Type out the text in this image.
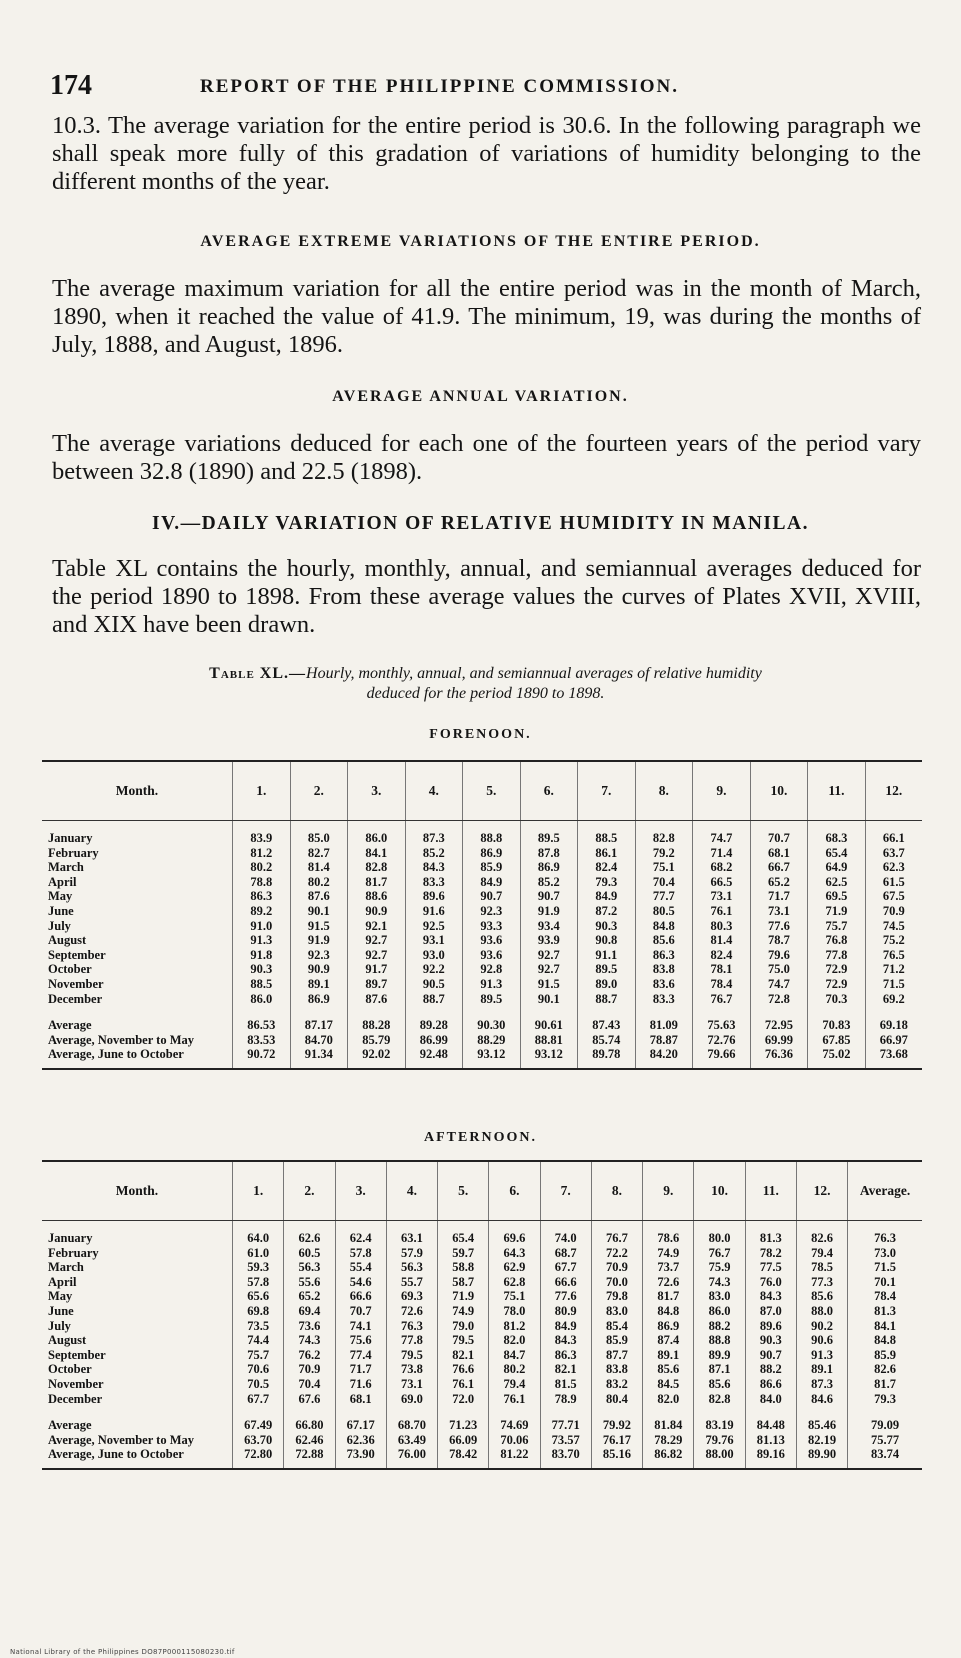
174	REPORT OF THE PHILIPPINE COMMISSION.

10.3. The average variation for the entire period is 30.6. In the following paragraph we shall speak more fully of this gradation of variations of humidity belonging to the different months of the year.

AVERAGE EXTREME VARIATIONS OF THE ENTIRE PERIOD.

The average maximum variation for all the entire period was in the month of March, 1890, when it reached the value of 41.9. The minimum, 19, was during the months of July, 1888, and August, 1896.

AVERAGE ANNUAL VARIATION.

The average variations deduced for each one of the fourteen years of the period vary between 32.8 (1890) and 22.5 (1898).

IV.—DAILY VARIATION OF RELATIVE HUMIDITY IN MANILA.

Table XL contains the hourly, monthly, annual, and semiannual averages deduced for the period 1890 to 1898. From these average values the curves of Plates XVII, XVIII, and XIX have been drawn.

Table XL.—Hourly, monthly, annual, and semiannual averages of relative humidity
deduced for the period 1890 to 1898.
FORENOON.
Month.	1.	2.	3.	4.	5.	6.	7.	8.	9.	10.	11.	12.
January	83.9	85.0	86.0	87.3	88.8	89.5	88.5	82.8	74.7	70.7	68.3	66.1
February	81.2	82.7	84.1	85.2	86.9	87.8	86.1	79.2	71.4	68.1	65.4	63.7
March	80.2	81.4	82.8	84.3	85.9	86.9	82.4	75.1	68.2	66.7	64.9	62.3
April	78.8	80.2	81.7	83.3	84.9	85.2	79.3	70.4	66.5	65.2	62.5	61.5
May	86.3	87.6	88.6	89.6	90.7	90.7	84.9	77.7	73.1	71.7	69.5	67.5
June	89.2	90.1	90.9	91.6	92.3	91.9	87.2	80.5	76.1	73.1	71.9	70.9
July	91.0	91.5	92.1	92.5	93.3	93.4	90.3	84.8	80.3	77.6	75.7	74.5
August	91.3	91.9	92.7	93.1	93.6	93.9	90.8	85.6	81.4	78.7	76.8	75.2
September	91.8	92.3	92.7	93.0	93.6	92.7	91.1	86.3	82.4	79.6	77.8	76.5
October	90.3	90.9	91.7	92.2	92.8	92.7	89.5	83.8	78.1	75.0	72.9	71.2
November	88.5	89.1	89.7	90.5	91.3	91.5	89.0	83.6	78.4	74.7	72.9	71.5
December	86.0	86.9	87.6	88.7	89.5	90.1	88.7	83.3	76.7	72.8	70.3	69.2
Average	86.53	87.17	88.28	89.28	90.30	90.61	87.43	81.09	75.63	72.95	70.83	69.18
Average, November to May	83.53	84.70	85.79	86.99	88.29	88.81	85.74	78.87	72.76	69.99	67.85	66.97
Average, June to October	90.72	91.34	92.02	92.48	93.12	93.12	89.78	84.20	79.66	76.36	75.02	73.68
AFTERNOON.
Month.	1.	2.	3.	4.	5.	6.	7.	8.	9.	10.	11.	12.	Average.
January	64.0	62.6	62.4	63.1	65.4	69.6	74.0	76.7	78.6	80.0	81.3	82.6	76.3
February	61.0	60.5	57.8	57.9	59.7	64.3	68.7	72.2	74.9	76.7	78.2	79.4	73.0
March	59.3	56.3	55.4	56.3	58.8	62.9	67.7	70.9	73.7	75.9	77.5	78.5	71.5
April	57.8	55.6	54.6	55.7	58.7	62.8	66.6	70.0	72.6	74.3	76.0	77.3	70.1
May	65.6	65.2	66.6	69.3	71.9	75.1	77.6	79.8	81.7	83.0	84.3	85.6	78.4
June	69.8	69.4	70.7	72.6	74.9	78.0	80.9	83.0	84.8	86.0	87.0	88.0	81.3
July	73.5	73.6	74.1	76.3	79.0	81.2	84.9	85.4	86.9	88.2	89.6	90.2	84.1
August	74.4	74.3	75.6	77.8	79.5	82.0	84.3	85.9	87.4	88.8	90.3	90.6	84.8
September	75.7	76.2	77.4	79.5	82.1	84.7	86.3	87.7	89.1	89.9	90.7	91.3	85.9
October	70.6	70.9	71.7	73.8	76.6	80.2	82.1	83.8	85.6	87.1	88.2	89.1	82.6
November	70.5	70.4	71.6	73.1	76.1	79.4	81.5	83.2	84.5	85.6	86.6	87.3	81.7
December	67.7	67.6	68.1	69.0	72.0	76.1	78.9	80.4	82.0	82.8	84.0	84.6	79.3
Average	67.49	66.80	67.17	68.70	71.23	74.69	77.71	79.92	81.84	83.19	84.48	85.46	79.09
Average, November to May	63.70	62.46	62.36	63.49	66.09	70.06	73.57	76.17	78.29	79.76	81.13	82.19	75.77
Average, June to October	72.80	72.88	73.90	76.00	78.42	81.22	83.70	85.16	86.82	88.00	89.16	89.90	83.74
National Library of the Philippines DO87P000115080230.tif
